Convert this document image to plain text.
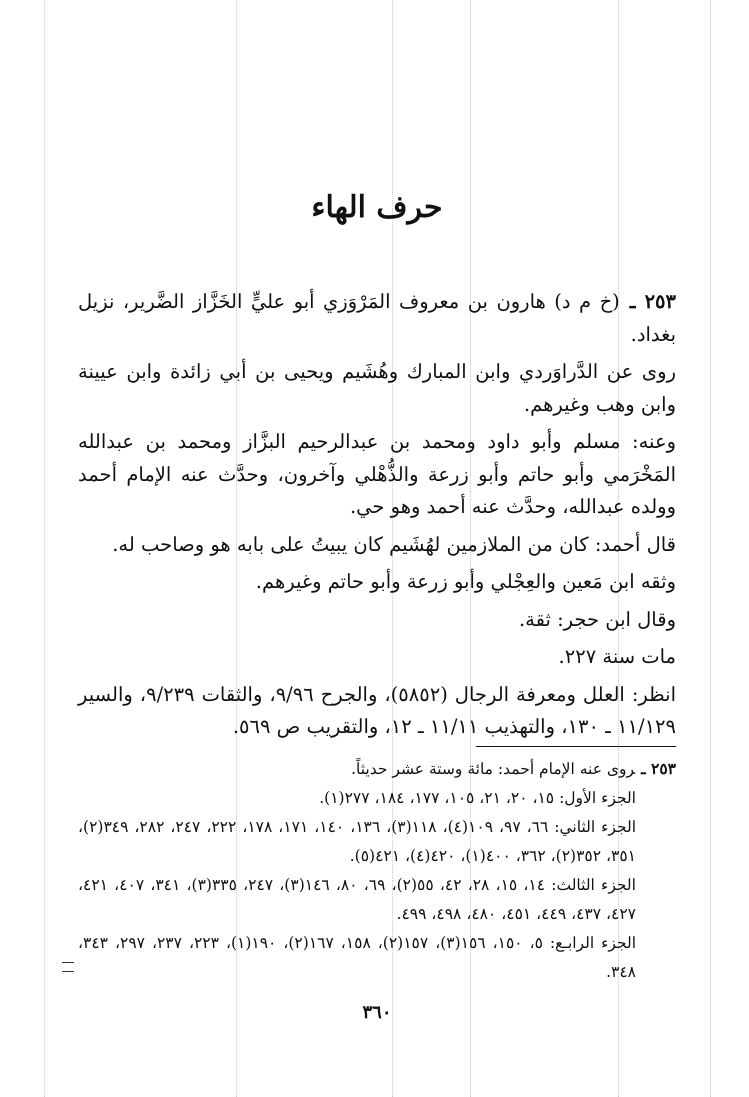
حرف الهاء

٢٥٣ ـ(خ م د) هارون بن معروف المَرْوَزي أبو عليٍّ الخَزَّاز الضَّرير، نزيل بغداد.

روى عن الدَّراوَردي وابن المبارك وهُشَيم ويحيى بن أبي زائدة وابن عيينة وابن وهب وغيرهم.

وعنه: مسلم وأبو داود ومحمد بن عبدالرحيم البزَّاز ومحمد بن عبدالله المَخْرَمي وأبو حاتم وأبو زرعة والذُّهْلي وآخرون، وحدَّث عنه الإمام أحمد وولده عبدالله، وحدَّث عنه أحمد وهو حي.

قال أحمد: كان من الملازمين لهُشَيم كان يبيتُ على بابه هو وصاحب له.

وثقه ابن مَعين والعِجْلي وأبو زرعة وأبو حاتم وغيرهم.

وقال ابن حجر: ثقة.

مات سنة ٢٢٧.

انظر: العلل ومعرفة الرجال (٥٨٥٢)، والجرح ٩/٩٦، والثقات ٩/٢٣٩، والسير ١١/١٢٩ ـ ١٣٠، والتهذيب ١١/١١ ـ ١٢، والتقريب ص ٥٦٩.

٢٥٣ ـروى عنه الإمام أحمد: مائة وستة عشر حديثاً.

الجزء الأول: ١٥، ٢٠، ٢١، ١٠٥، ١٧٧، ١٨٤، ٢٧٧(١).

الجزء الثاني: ٦٦، ٩٧، ١٠٩(٤)، ١١٨(٣)، ١٣٦، ١٤٠، ١٧١، ١٧٨، ٢٢٢، ٢٤٧، ٢٨٢، ٣٤٩(٢)، ٣٥١، ٣٥٢(٢)، ٣٦٢، ٤٠٠(١)، ٤٢٠(٤)، ٤٢١(٥).

الجزء الثالث: ١٤، ١٥، ٢٨، ٤٢، ٥٥(٢)، ٦٩، ٨٠، ١٤٦(٣)، ٢٤٧، ٣٣٥(٣)، ٣٤١، ٤٠٧، ٤٢١، ٤٢٧، ٤٣٧، ٤٤٩، ٤٥١، ٤٨٠، ٤٩٨، ٤٩٩.

الجزء الرابـع: ٥، ١٥٠، ١٥٦(٣)، ١٥٧(٢)، ١٥٨، ١٦٧(٢)، ١٩٠(١)، ٢٢٣، ٢٣٧، ٢٩٧، ٣٤٣، ٣٤٨.

٣٦٠
